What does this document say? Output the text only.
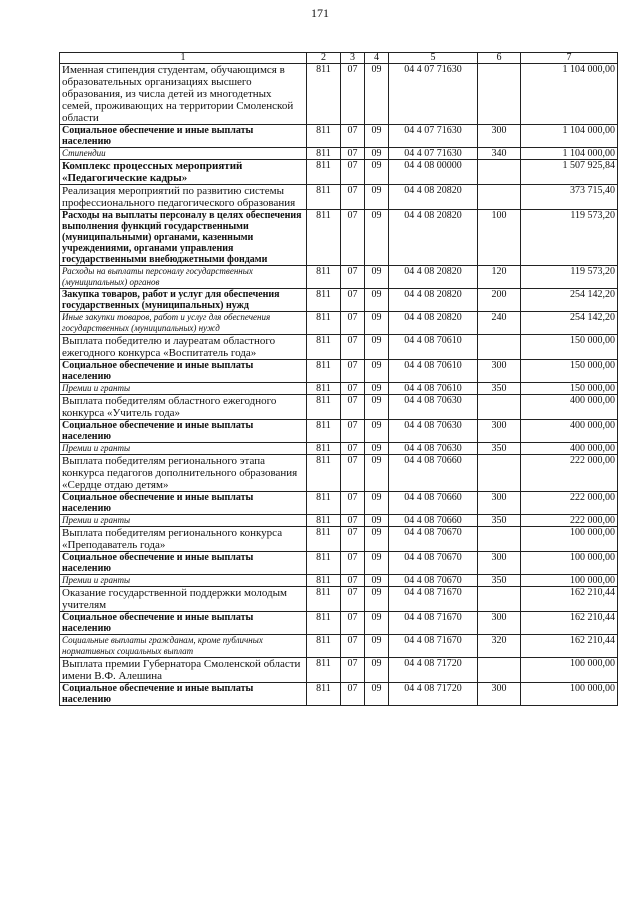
171
1	2	3	4	5	6	7
Именная стипендия студентам, обучающимся в образовательных организациях высшего образования, из числа детей из многодетных семей, проживающих на территории Смоленской области	811	07	09	04 4 07 71630		1 104 000,00
Социальное обеспечение и иные выплаты населению	811	07	09	04 4 07 71630	300	1 104 000,00
Стипендии	811	07	09	04 4 07 71630	340	1 104 000,00
Комплекс процессных мероприятий «Педагогические кадры»	811	07	09	04 4 08 00000		1 507 925,84
Реализация мероприятий по развитию системы профессионального педагогического образования	811	07	09	04 4 08 20820		373 715,40
Расходы на выплаты персоналу в целях обеспечения выполнения функций государственными (муниципальными) органами, казенными учреждениями, органами управления государственными внебюджетными фондами	811	07	09	04 4 08 20820	100	119 573,20
Расходы на выплаты персоналу государственных (муниципальных) органов	811	07	09	04 4 08 20820	120	119 573,20
Закупка товаров, работ и услуг для обеспечения государственных (муниципальных) нужд	811	07	09	04 4 08 20820	200	254 142,20
Иные закупки товаров, работ и услуг для обеспечения государственных (муниципальных) нужд	811	07	09	04 4 08 20820	240	254 142,20
Выплата победителю и лауреатам областного ежегодного конкурса «Воспитатель года»	811	07	09	04 4 08 70610		150 000,00
Социальное обеспечение и иные выплаты населению	811	07	09	04 4 08 70610	300	150 000,00
Премии и гранты	811	07	09	04 4 08 70610	350	150 000,00
Выплата победителям областного ежегодного конкурса «Учитель года»	811	07	09	04 4 08 70630		400 000,00
Социальное обеспечение и иные выплаты населению	811	07	09	04 4 08 70630	300	400 000,00
Премии и гранты	811	07	09	04 4 08 70630	350	400 000,00
Выплата победителям регионального этапа конкурса педагогов дополнительного образования «Сердце отдаю детям»	811	07	09	04 4 08 70660		222 000,00
Социальное обеспечение и иные выплаты населению	811	07	09	04 4 08 70660	300	222 000,00
Премии и гранты	811	07	09	04 4 08 70660	350	222 000,00
Выплата победителям регионального конкурса «Преподаватель года»	811	07	09	04 4 08 70670		100 000,00
Социальное обеспечение и иные выплаты населению	811	07	09	04 4 08 70670	300	100 000,00
Премии и гранты	811	07	09	04 4 08 70670	350	100 000,00
Оказание государственной поддержки молодым учителям	811	07	09	04 4 08 71670		162 210,44
Социальное обеспечение и иные выплаты населению	811	07	09	04 4 08 71670	300	162 210,44
Социальные выплаты гражданам, кроме публичных нормативных социальных выплат	811	07	09	04 4 08 71670	320	162 210,44
Выплата премии Губернатора Смоленской области имени В.Ф. Алешина	811	07	09	04 4 08 71720		100 000,00
Социальное обеспечение и иные выплаты населению	811	07	09	04 4 08 71720	300	100 000,00
